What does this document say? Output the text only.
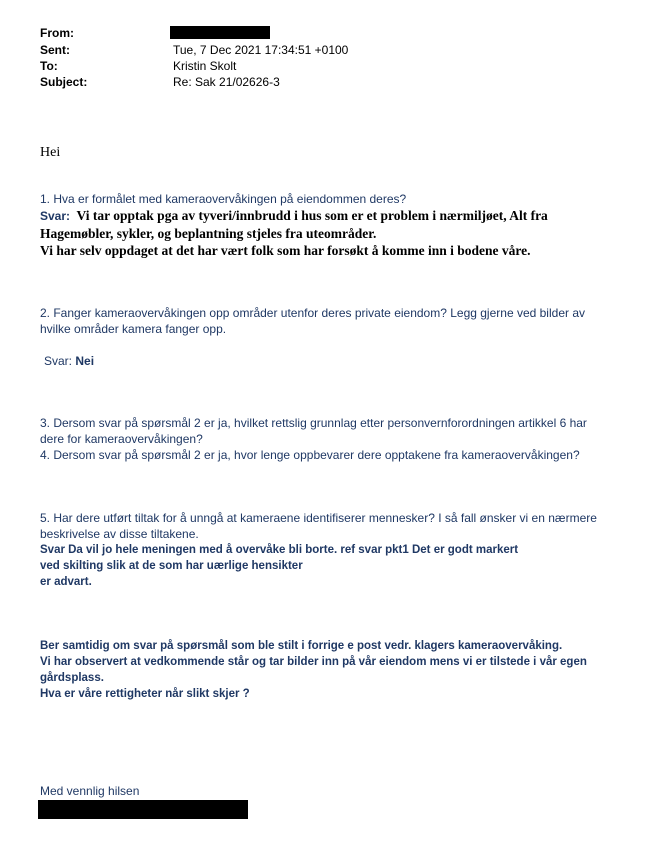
From:
Sent:	Tue, 7 Dec 2021 17:34:51 +0100
To:	Kristin Skolt
Subject:	Re: Sak 21/02626-3
Hei
1. Hva er formålet med kameraovervåkingen på eiendommen deres?
Svar: Vi tar opptak pga av tyveri/innbrudd i hus som er et problem i nærmiljøet, Alt fra
Hagemøbler, sykler, og beplantning stjeles fra uteområder.
Vi har selv oppdaget at det har vært folk som har forsøkt å komme inn i bodene våre.
2. Fanger kameraovervåkingen opp områder utenfor deres private eiendom? Legg gjerne ved bilder av
hvilke områder kamera fanger opp.
Svar: Nei
3. Dersom svar på spørsmål 2 er ja, hvilket rettslig grunnlag etter personvernforordningen artikkel 6 har
dere for kameraovervåkingen?
4. Dersom svar på spørsmål 2 er ja, hvor lenge oppbevarer dere opptakene fra kameraovervåkingen?
5. Har dere utført tiltak for å unngå at kameraene identifiserer mennesker? I så fall ønsker vi en nærmere
beskrivelse av disse tiltakene.
Svar Da vil jo hele meningen med å overvåke bli borte. ref svar pkt1 Det er godt markert
ved skilting slik at de som har uærlige hensikter
er advart.
Ber samtidig om svar på spørsmål som ble stilt i forrige e post vedr. klagers kameraovervåking.
Vi har observert at vedkommende står og tar bilder inn på vår eiendom mens vi er tilstede i vår egen
gårdsplass.
Hva er våre rettigheter når slikt skjer ?
Med vennlig hilsen
